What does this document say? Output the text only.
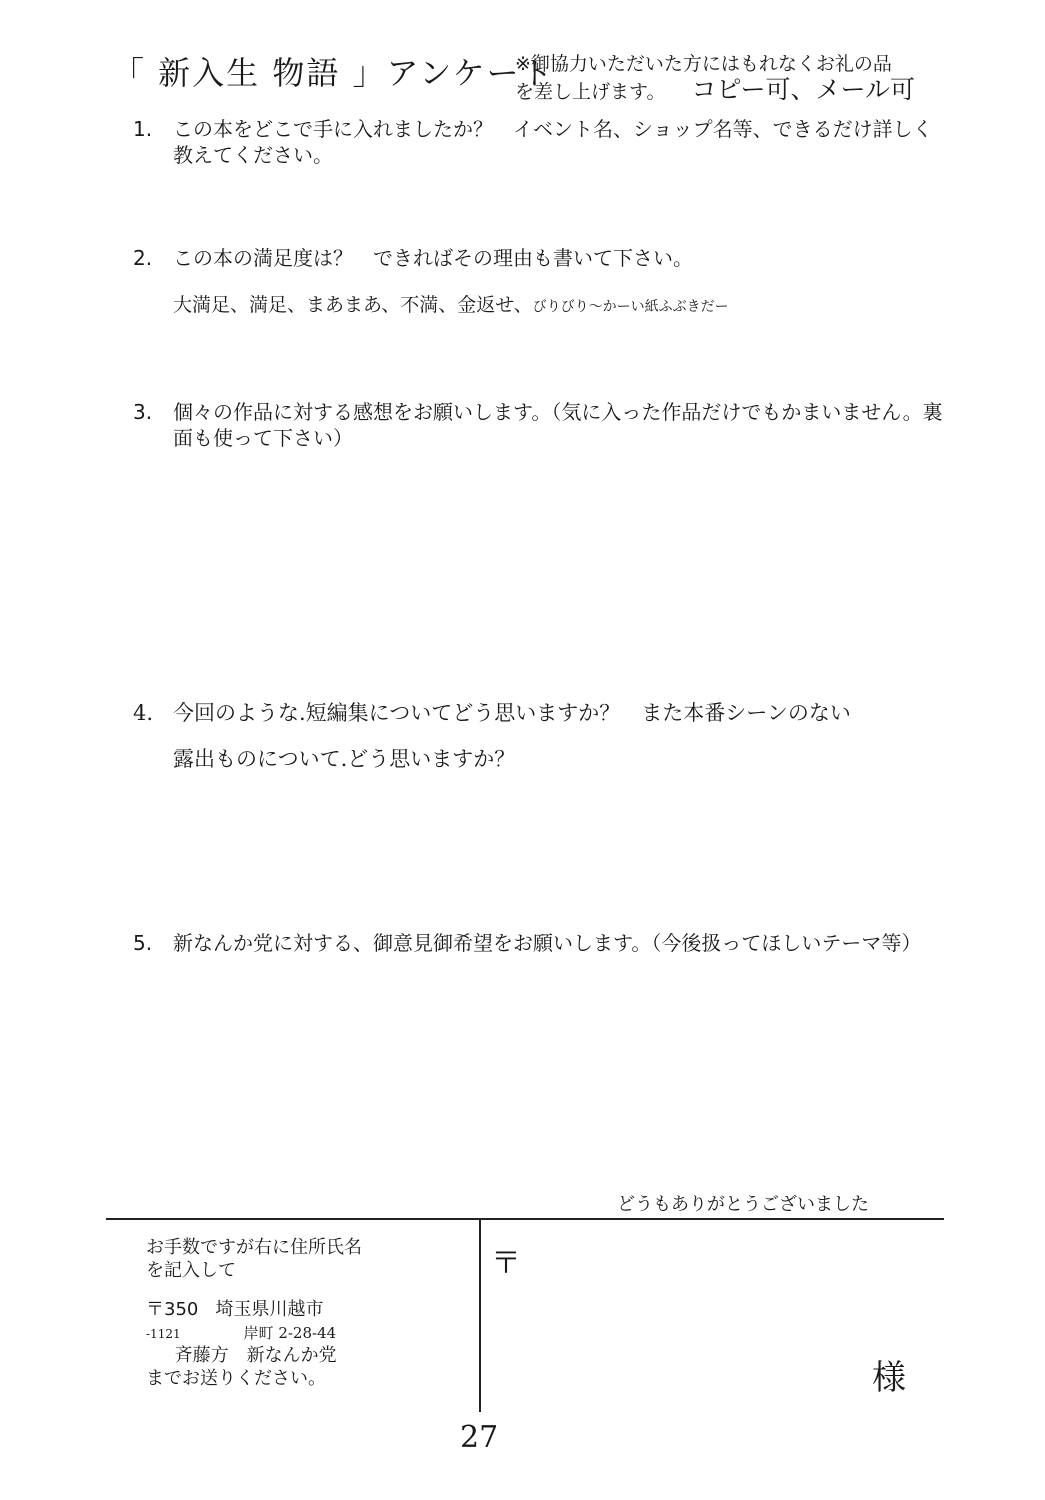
「 新入生 物語 」アンケート
※御協力いただいた方にはもれなくお礼の品
を差し上げます。 コピー可、メール可
1. この本をどこで手に入れましたか？　イベント名、ショップ名等、できるだけ詳しく教えてください。
2. この本の満足度は？　できればその理由も書いて下さい。
大満足、満足、まあまあ、不満、金返せ、びりびり〜かーい紙ふぶきだー
3. 個々の作品に対する感想をお願いします。（気に入った作品だけでもかまいません。裏面も使って下さい）
4. 今回のような.短編集についてどう思いますか？　また本番シーンのない
露出ものについて.どう思いますか？
5. 新なんか党に対する、御意見御希望をお願いします。（今後扱ってほしいテーマ等）
どうもありがとうございました
お手数ですが右に住所氏名
を記入して
〒350 埼玉県川越市
-1121	岸町 2-28-44
斉藤方　新なんか党
までお送りください。
〒
様
27
